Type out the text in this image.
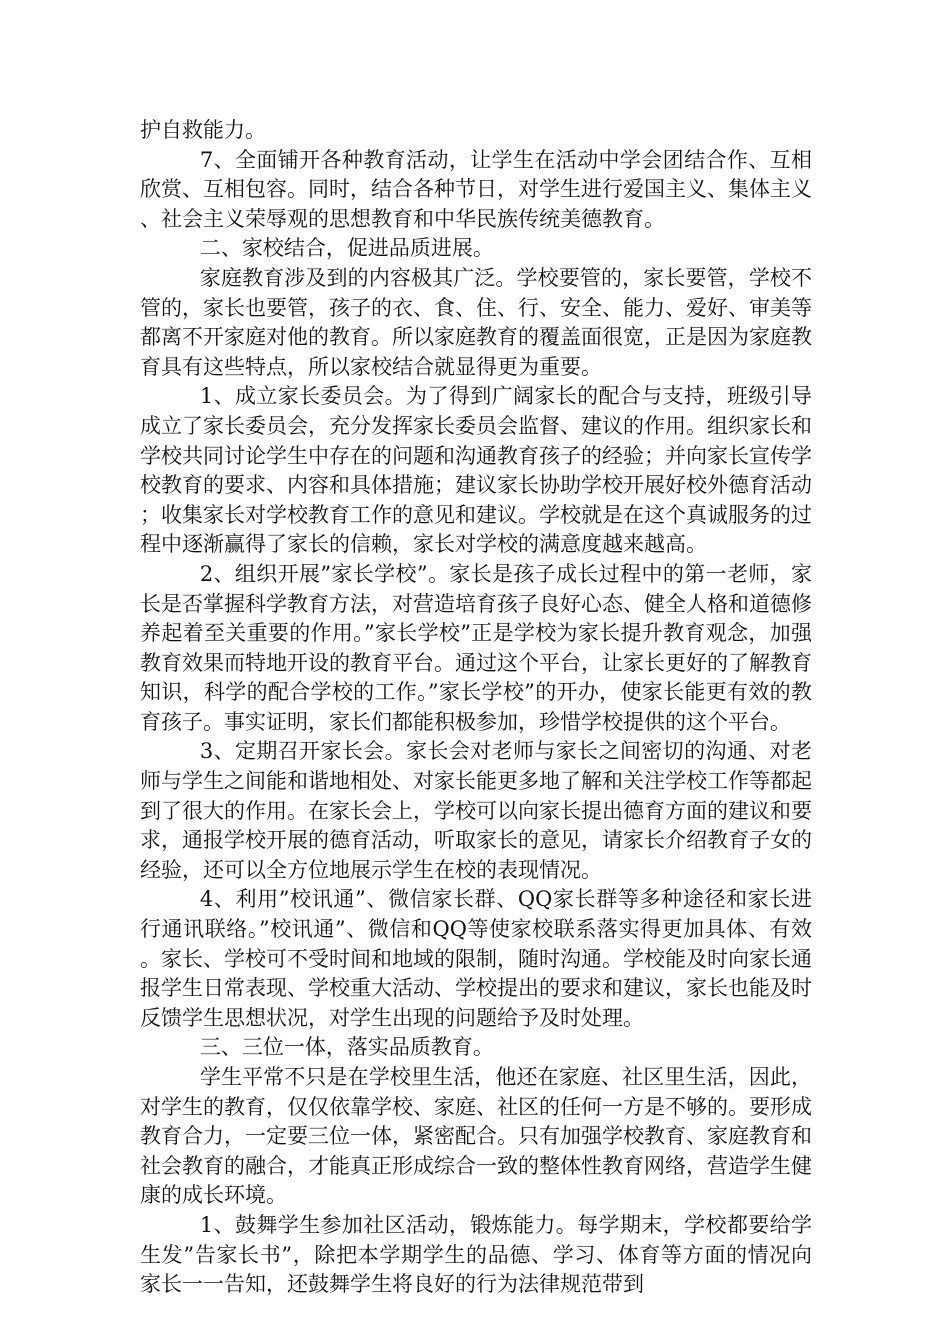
护自救能力。

7、全面铺开各种教育活动，让学生在活动中学会团结合作、互相欣赏、互相包容。同时，结合各种节日，对学生进行爱国主义、集体主义、社会主义荣辱观的思想教育和中华民族传统美德教育。

二、家校结合，促进品质进展。

家庭教育涉及到的内容极其广泛。学校要管的，家长要管，学校不管的，家长也要管，孩子的衣、食、住、行、安全、能力、爱好、审美等都离不开家庭对他的教育。所以家庭教育的覆盖面很宽，正是因为家庭教育具有这些特点，所以家校结合就显得更为重要。

1、成立家长委员会。为了得到广阔家长的配合与支持，班级引导成立了家长委员会，充分发挥家长委员会监督、建议的作用。组织家长和学校共同讨论学生中存在的问题和沟通教育孩子的经验；并向家长宣传学校教育的要求、内容和具体措施；建议家长协助学校开展好校外德育活动；收集家长对学校教育工作的意见和建议。学校就是在这个真诚服务的过程中逐渐赢得了家长的信赖，家长对学校的满意度越来越高。

2、组织开展”家长学校”。家长是孩子成长过程中的第一老师，家长是否掌握科学教育方法，对营造培育孩子良好心态、健全人格和道德修养起着至关重要的作用。”家长学校”正是学校为家长提升教育观念，加强教育效果而特地开设的教育平台。通过这个平台，让家长更好的了解教育知识，科学的配合学校的工作。”家长学校”的开办，使家长能更有效的教育孩子。事实证明，家长们都能积极参加，珍惜学校提供的这个平台。

3、定期召开家长会。家长会对老师与家长之间密切的沟通、对老师与学生之间能和谐地相处、对家长能更多地了解和关注学校工作等都起到了很大的作用。在家长会上，学校可以向家长提出德育方面的建议和要求，通报学校开展的德育活动，听取家长的意见，请家长介绍教育子女的经验，还可以全方位地展示学生在校的表现情况。

4、利用”校讯通”、微信家长群、QQ家长群等多种途径和家长进行通讯联络。”校讯通”、微信和QQ等使家校联系落实得更加具体、有效。家长、学校可不受时间和地域的限制，随时沟通。学校能及时向家长通报学生日常表现、学校重大活动、学校提出的要求和建议，家长也能及时反馈学生思想状况，对学生出现的问题给予及时处理。

三、三位一体，落实品质教育。

学生平常不只是在学校里生活，他还在家庭、社区里生活，因此，对学生的教育，仅仅依靠学校、家庭、社区的任何一方是不够的。要形成教育合力，一定要三位一体，紧密配合。只有加强学校教育、家庭教育和社会教育的融合，才能真正形成综合一致的整体性教育网络，营造学生健康的成长环境。

1、鼓舞学生参加社区活动，锻炼能力。每学期末，学校都要给学生发”告家长书”，除把本学期学生的品德、学习、体育等方面的情况向家长一一告知，还鼓舞学生将良好的行为法律规范带到
